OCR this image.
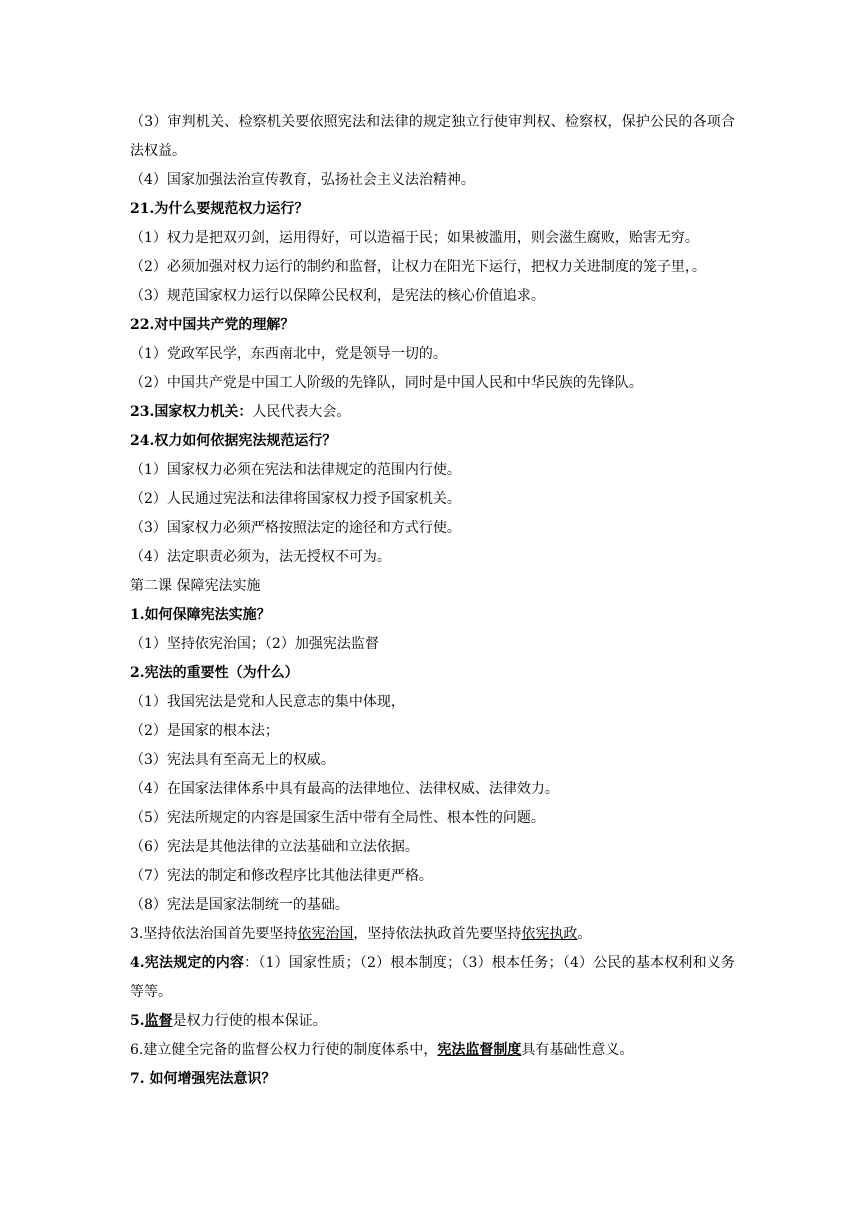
（3）审判机关、检察机关要依照宪法和法律的规定独立行使审判权、检察权，保护公民的各项合法权益。
（4）国家加强法治宣传教育，弘扬社会主义法治精神。
21.为什么要规范权力运行？
（1）权力是把双刃剑，运用得好，可以造福于民；如果被滥用，则会滋生腐败，贻害无穷。
（2）必须加强对权力运行的制约和监督，让权力在阳光下运行，把权力关进制度的笼子里，。
（3）规范国家权力运行以保障公民权利，是宪法的核心价值追求。
22.对中国共产党的理解？
（1）党政军民学，东西南北中，党是领导一切的。
（2）中国共产党是中国工人阶级的先锋队，同时是中国人民和中华民族的先锋队。
23.国家权力机关：人民代表大会。
24.权力如何依据宪法规范运行？
（1）国家权力必须在宪法和法律规定的范围内行使。
（2）人民通过宪法和法律将国家权力授予国家机关。
（3）国家权力必须严格按照法定的途径和方式行使。
（4）法定职责必须为，法无授权不可为。
第二课 保障宪法实施
1.如何保障宪法实施？
（1）坚持依宪治国；（2）加强宪法监督
2.宪法的重要性（为什么）
（1）我国宪法是党和人民意志的集中体现，
（2）是国家的根本法；
（3）宪法具有至高无上的权威。
（4）在国家法律体系中具有最高的法律地位、法律权威、法律效力。
（5）宪法所规定的内容是国家生活中带有全局性、根本性的问题。
（6）宪法是其他法律的立法基础和立法依据。
（7）宪法的制定和修改程序比其他法律更严格。
（8）宪法是国家法制统一的基础。
3.坚持依法治国首先要坚持依宪治国，坚持依法执政首先要坚持依宪执政。
4.宪法规定的内容：（1）国家性质；（2）根本制度；（3）根本任务；（4）公民的基本权利和义务等等。
5.监督是权力行使的根本保证。
6.建立健全完备的监督公权力行使的制度体系中，宪法监督制度具有基础性意义。
7. 如何增强宪法意识？
